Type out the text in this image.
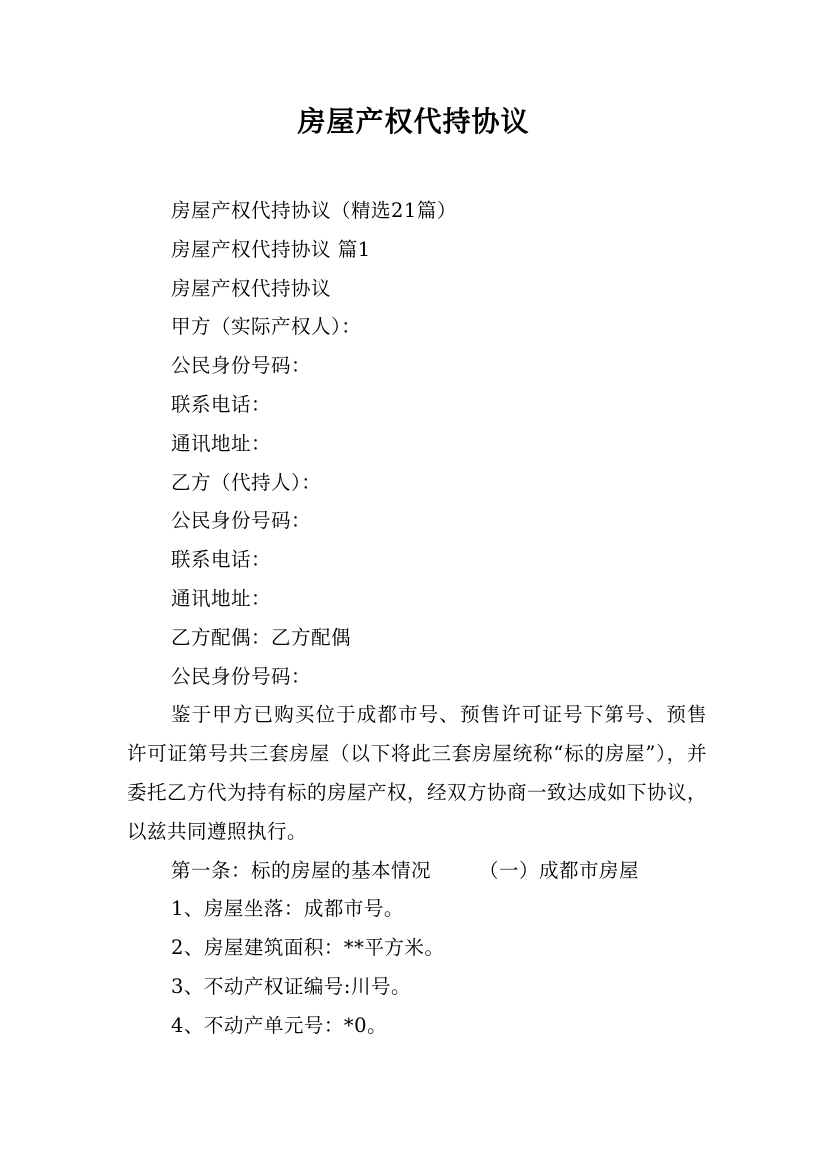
房屋产权代持协议
房屋产权代持协议（精选21篇）
房屋产权代持协议 篇1
房屋产权代持协议
甲方（实际产权人）：
公民身份号码：
联系电话：
通讯地址：
乙方（代持人）：
公民身份号码：
联系电话：
通讯地址：
乙方配偶：乙方配偶
公民身份号码：
鉴于甲方已购买位于成都市号、预售许可证号下第号、预售许可证第号共三套房屋（以下将此三套房屋统称“标的房屋”），并委托乙方代为持有标的房屋产权，经双方协商一致达成如下协议，以兹共同遵照执行。
第一条：标的房屋的基本情况 （一）成都市房屋
1、房屋坐落：成都市号。
2、房屋建筑面积：**平方米。
3、不动产权证编号:川号。
4、不动产单元号：*0。
